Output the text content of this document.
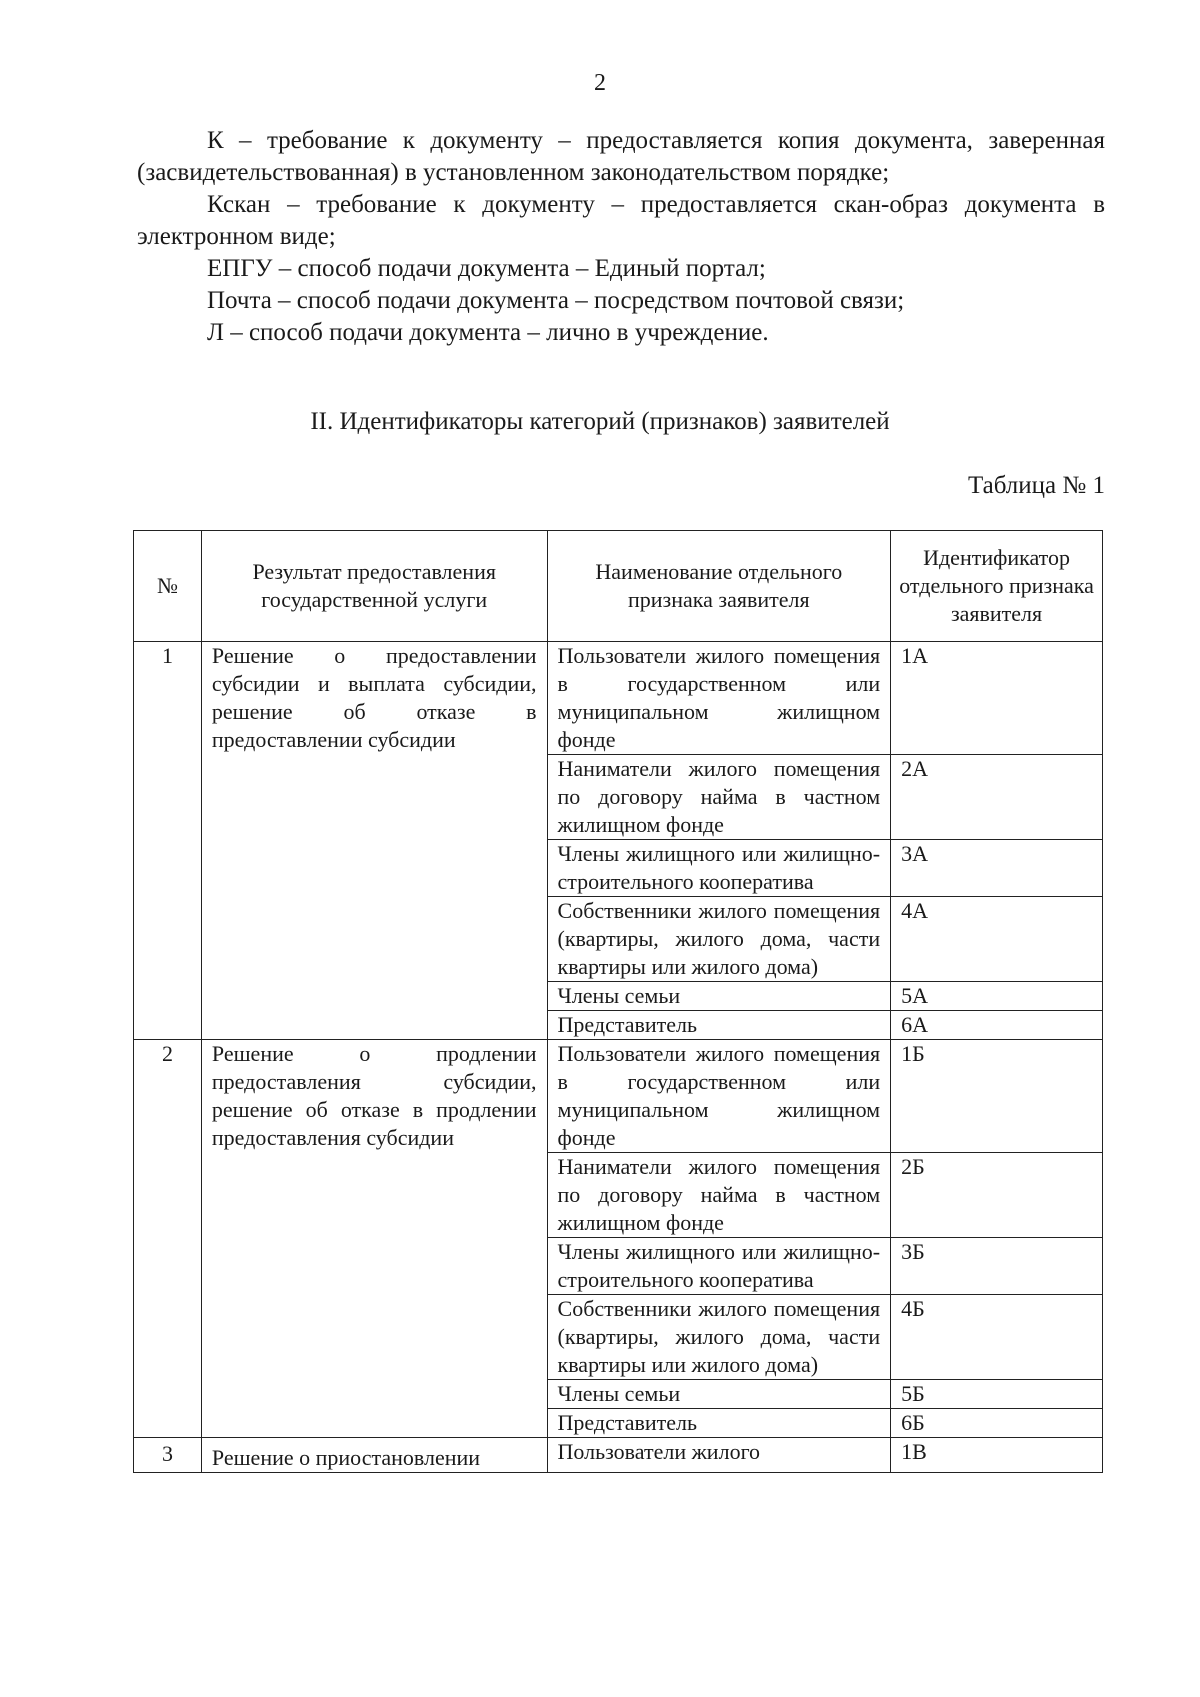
2

К – требование к документу – предоставляется копия документа, заверенная (засвидетельствованная) в установленном законодательством порядке;

Кскан – требование к документу – предоставляется скан-образ документа в электронном виде;

ЕПГУ – способ подачи документа – Единый портал;

Почта – способ подачи документа – посредством почтовой связи;

Л – способ подачи документа – лично в учреждение.

II. Идентификаторы категорий (признаков) заявителей
Таблица № 1
№	Результат предоставления государственной услуги	Наименование отдельного признака заявителя	Идентификатор отдельного признака заявителя
1	Решение о предоставлении субсидии и выплата субсидии, решение об отказе в предоставлении субсидии	Пользователи жилого помещения в государственном или муниципальном жилищном фонде	1А
		Наниматели жилого помещения по договору найма в частном жилищном фонде	2А
		Члены жилищного или жилищно-строительного кооператива	3А
		Собственники жилого помещения (квартиры, жилого дома, части квартиры или жилого дома)	4А
		Члены семьи	5А
		Представитель	6А
2	Решение о продлении предоставления субсидии, решение об отказе в продлении предоставления субсидии	Пользователи жилого помещения в государственном или муниципальном жилищном фонде	1Б
		Наниматели жилого помещения по договору найма в частном жилищном фонде	2Б
		Члены жилищного или жилищно-строительного кооператива	3Б
		Собственники жилого помещения (квартиры, жилого дома, части квартиры или жилого дома)	4Б
		Члены семьи	5Б
		Представитель	6Б
3	Решение о приостановлении	Пользователи жилого	1В
